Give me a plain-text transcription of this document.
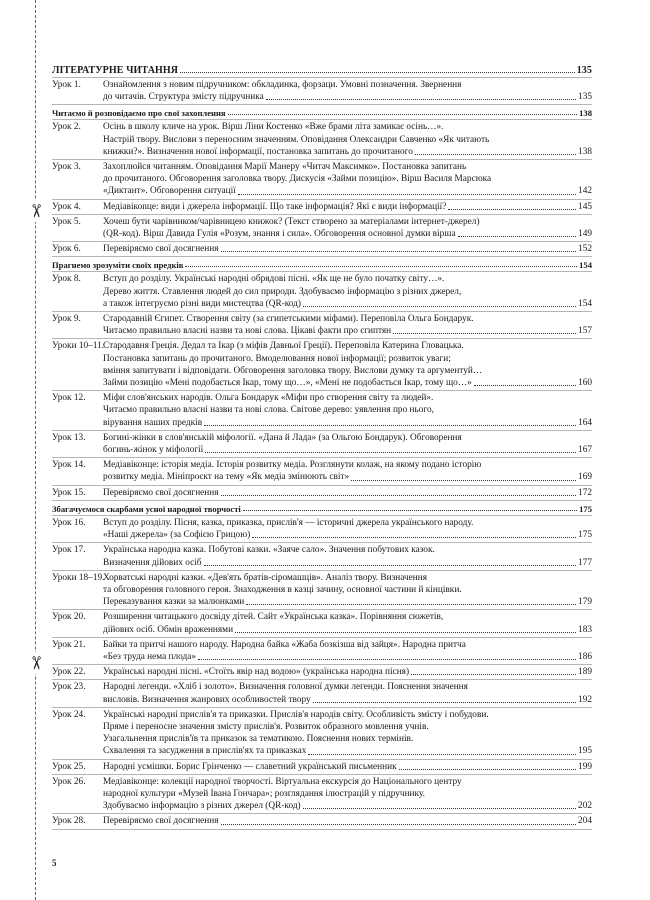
✂
✂
ЛІТЕРАТУРНЕ ЧИТАННЯ	135
Урок 1.	Ознайомлення з новим підручником: обкладинка, форзаци. Умовні позначення. Звернення
до читачів. Структура змісту підручника	135
Читаємо й розповідаємо про свої захоплення	138
Урок 2.	Осінь в школу кличе на урок. Вірш Ліни Костенко «Вже брами літа замикає осінь…».
Настрій твору. Вислови з переносним значенням. Оповідання Олександри Савченко «Як читають
книжки?». Визначення нової інформації, постановка запитань до прочитаного	138
Урок 3.	Захоплюйся читанням. Оповідання Марії Манеру «Читач Максимко». Постановка запитань
до прочитаного. Обговорення заголовка твору. Дискусія «Займи позицію». Вірш Василя Марсюка
«Диктант». Обговорення ситуації	142
Урок 4.	Медіавікоnце: види і джерела інформації. Що таке інформація? Які є види інформації?	145
Урок 5.	Хочеш бути чарівником/чарівницею книжок? (Текст створено за матеріалами інтернет-джерел)
(QR-код). Вірш Давида Гулія «Розум, знання і сила». Обговорення основної думки вірша	149
Урок 6.	Перевіряємо свої досягнення	152
Прагнемо зрозуміти своїх предків	154
Урок 8.	Вступ до розділу. Українські народні обрядові пісні. «Як ще не було початку світу…».
Дерево життя. Ставлення людей до сил природи. Здобуваємо інформацію з різних джерел,
а також інтегруємо різні види мистецтва (QR-код)	154
Урок 9.	Стародавній Єгипет. Створення світу (за єгипетськими міфами). Переповіла Ольга Бондарук.
Читаємо правильно власні назви та нові слова. Цікаві факти про єгиптян	157
Уроки 10–11.
Стародавня Греція. Дедал та Ікар (з міфів Давньої Греції). Переповіла Катерина Гловацька.
Постановка запитань до прочитаного. Вмоделювання нової інформації; розвиток уваги;
вміння запитувати і відповідати. Обговорення заголовка твору. Вислови думку та аргументуй…
Займи позицію «Мені подобається Ікар, тому що…», «Мені не подобається Ікар, тому що…»	160
Урок 12.	Міфи слов'янських народів. Ольга Бондарук «Міфи про створення світу та людей».
Читаємо правильно власні назви та нові слова. Світове дерево: уявлення про нього,
вірування наших предків	164
Урок 13.	Богині-жінки в слов'янській міфології. «Дана й Лада» (за Ольгою Бондарук). Обговорення
богинь-жінок у міфології	167
Урок 14.	Медіавіконце: історія медіа. Історія розвитку медіа. Розглянути колаж, на якому подано історію
розвитку медіа. Мініпроєкт на тему «Як медіа змінюють світ»	169
Урок 15.	Перевіряємо свої досягнення	172
Збагачуємося скарбами усної народної творчості	175
Урок 16.	Вступ до розділу. Пісня, казка, приказка, прислів'я — історичні джерела українського народу.
«Наші джерела» (за Софією Грицою)	175
Урок 17.	Українська народна казка. Побутові казки. «Заяче сало». Значення побутових казок.
Визначення дійових осіб	177
Уроки 18–19.
Хорватські народні казки. «Дев'ять братів-сіромашців». Аналіз твору. Визначення
та обговорення головного героя. Знаходження в казці зачину, основної частини й кінцівки.
Переказування казки за малюнками	179
Урок 20.	Розширення читацького досвіду дітей. Сайт «Українська казка». Порівняння сюжетів,
дійових осіб. Обмін враженнями	183
Урок 21.	Байки та притчі нашого народу. Народна байка «Жаба бозкізша від зайця». Народна притча
«Без труда нема плода»	186
Урок 22.	Українські народні пісні. «Стоїть явір над водою» (українська народна пісня)	189
Урок 23.	Народні легенди. «Хліб і золото». Визначення головної думки легенди. Пояснення значення
висловів. Визначення жанрових особливостей твору	192
Урок 24.	Українські народні прислів'я та приказки. Прислів'я народів світу. Особливість змісту і побудови.
Пряме і переносне значення змісту прислів'я. Розвиток образного мовлення учнів.
Узагальнення прислів'їв та приказок за тематикою. Пояснення нових термінів.
Схвалення та засудження в прислів'ях та приказках	195
Урок 25.	Народні усмішки. Борис Грінченко — славетний український письменник	199
Урок 26.	Медіавіконце: колекції народної творчості. Віртуальна екскурсія до Національного центру
народної культури «Музей Івана Гончара»; розглядання ілюстрацій у підручнику.
Здобуваємо інформацію з різних джерел (QR-код)	202
Урок 28.	Перевіряємо свої досягнення	204
5
